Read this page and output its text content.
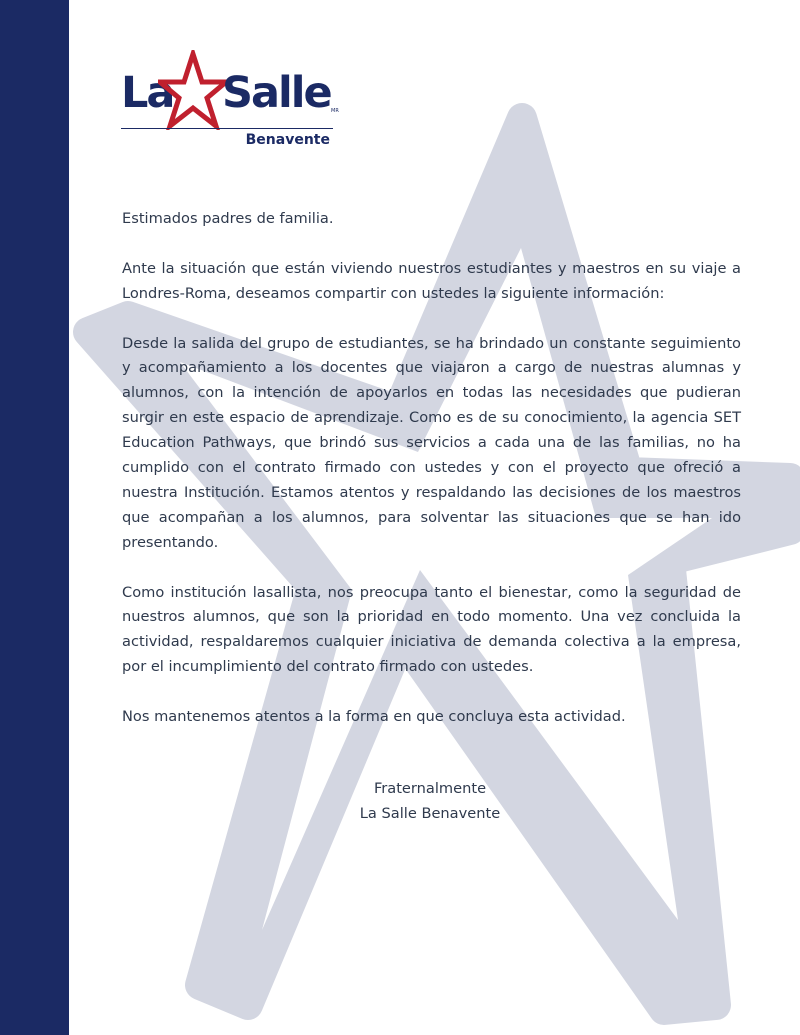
La Salle MR
Benavente

Estimados padres de familia.

Ante la situación que están viviendo nuestros estudiantes y maestros en su viaje a Londres-Roma, deseamos compartir con ustedes la siguiente información:

Desde la salida del grupo de estudiantes, se ha brindado un constante seguimiento y acompañamiento a los docentes que viajaron a cargo de nuestras alumnas y alumnos, con la intención de apoyarlos en todas las necesidades que pudieran surgir en este espacio de aprendizaje. Como es de su conocimiento, la agencia SET Education Pathways, que brindó sus servicios a cada una de las familias, no ha cumplido con el contrato firmado con ustedes y con el proyecto que ofreció a nuestra Institución. Estamos atentos y respaldando las decisiones de los maestros que acompañan a los alumnos, para solventar las situaciones que se han ido presentando.

Como institución lasallista, nos preocupa tanto el bienestar, como la seguridad de nuestros alumnos, que son la prioridad en todo momento. Una vez concluida la actividad, respaldaremos cualquier iniciativa de demanda colectiva a la empresa, por el incumplimiento del contrato firmado con ustedes.

Nos mantenemos atentos a la forma en que concluya esta actividad.

Fraternalmente
La Salle Benavente
